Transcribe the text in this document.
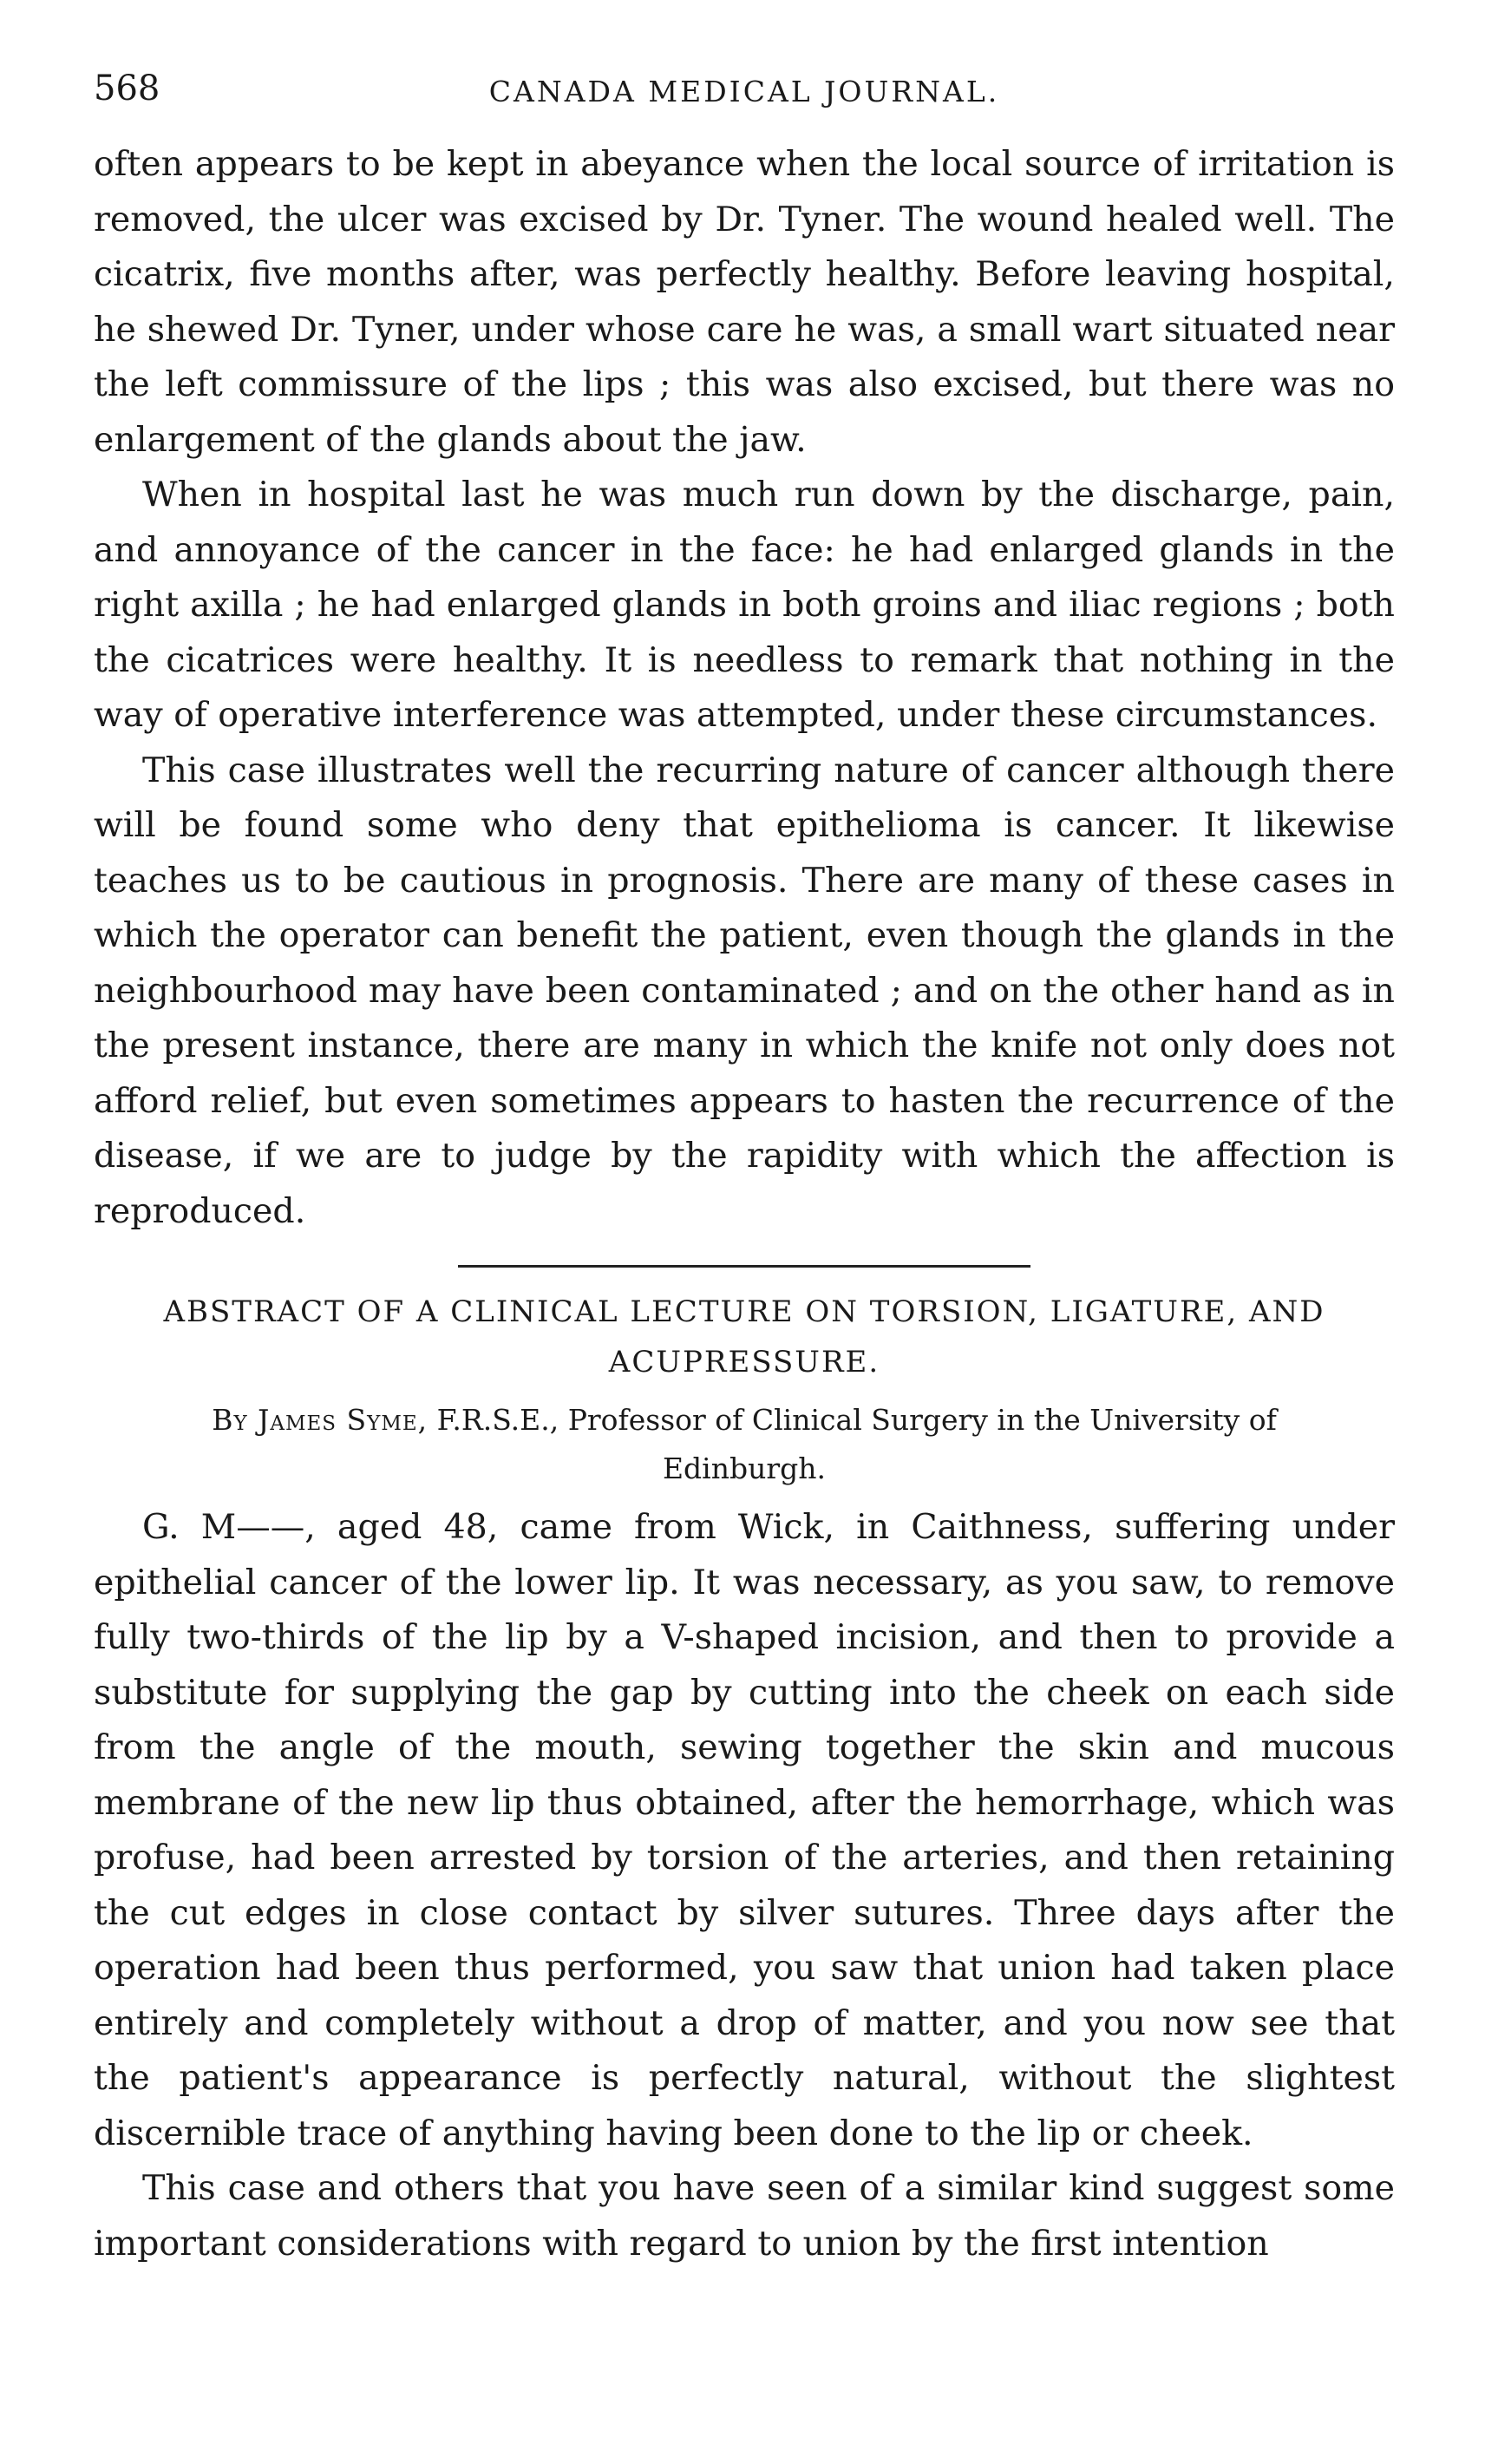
568	CANADA MEDICAL JOURNAL.

often appears to be kept in abeyance when the local source of irritation is removed, the ulcer was excised by Dr. Tyner. The wound healed well. The cicatrix, five months after, was perfectly healthy. Before leaving hospital, he shewed Dr. Tyner, under whose care he was, a small wart situated near the left commissure of the lips ; this was also excised, but there was no enlargement of the glands about the jaw.

When in hospital last he was much run down by the discharge, pain, and annoyance of the cancer in the face: he had enlarged glands in the right axilla ; he had enlarged glands in both groins and iliac regions ; both the cicatrices were healthy. It is needless to remark that nothing in the way of operative interference was attempted, under these circumstances.

This case illustrates well the recurring nature of cancer although there will be found some who deny that epithelioma is cancer. It likewise teaches us to be cautious in prognosis. There are many of these cases in which the operator can benefit the patient, even though the glands in the neighbourhood may have been contaminated ; and on the other hand as in the present instance, there are many in which the knife not only does not afford relief, but even sometimes appears to hasten the recurrence of the disease, if we are to judge by the rapidity with which the affection is reproduced.

ABSTRACT OF A CLINICAL LECTURE ON TORSION, LIGATURE, AND ACUPRESSURE.
By James Syme, F.R.S.E., Professor of Clinical Surgery in the University of Edinburgh.

G. M——, aged 48, came from Wick, in Caithness, suffering under epithelial cancer of the lower lip. It was necessary, as you saw, to remove fully two-thirds of the lip by a V-shaped incision, and then to provide a substitute for supplying the gap by cutting into the cheek on each side from the angle of the mouth, sewing together the skin and mucous membrane of the new lip thus obtained, after the hemorrhage, which was profuse, had been arrested by torsion of the arteries, and then retaining the cut edges in close contact by silver sutures. Three days after the operation had been thus performed, you saw that union had taken place entirely and completely without a drop of matter, and you now see that the patient's appearance is perfectly natural, without the slightest discernible trace of anything having been done to the lip or cheek.

This case and others that you have seen of a similar kind suggest some important considerations with regard to union by the first intention
